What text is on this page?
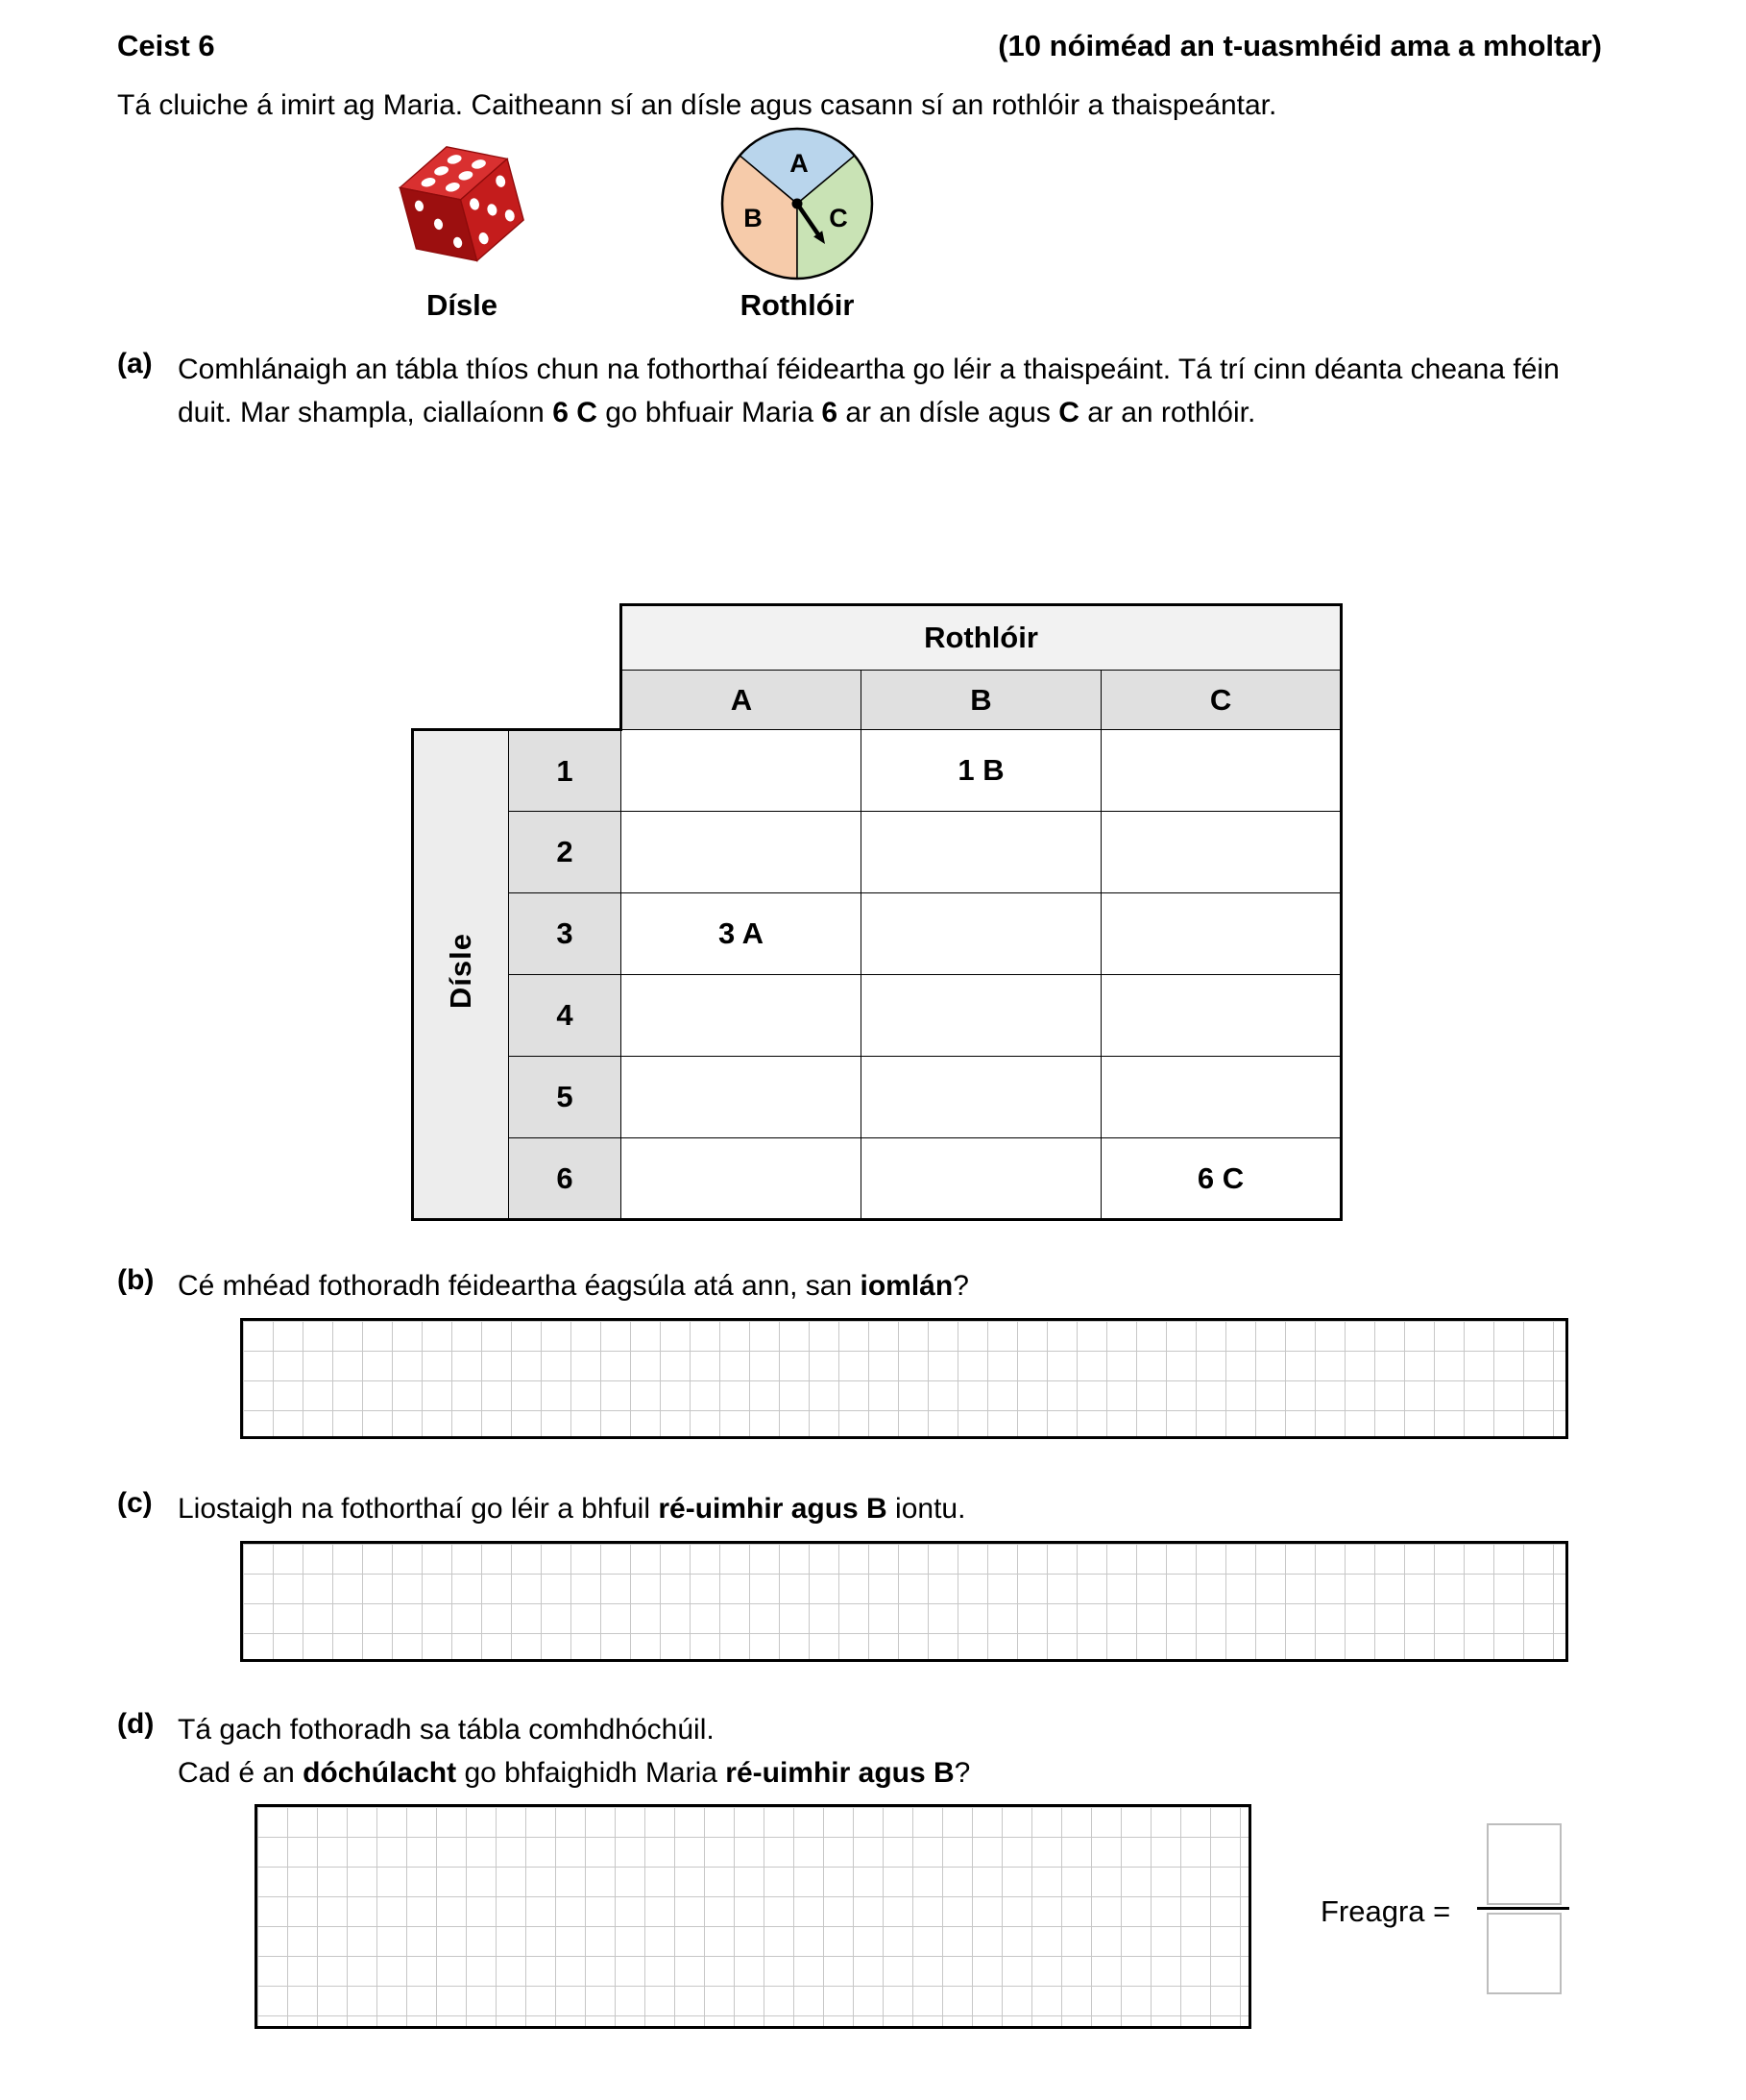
Ceist 6	(10 nóiméad an t-uasmhéid ama a mholtar)
Tá cluiche á imirt ag Maria. Caitheann sí an dísle agus casann sí an rothlóir a thaispeántar.
A
B	C
Dísle	Rothlóir
(a) Comhlánaigh an tábla thíos chun na fothorthaí féideartha go léir a thaispeáint. Tá trí cinn déanta cheana féin duit. Mar shampla, ciallaíonn 6 C go bhfuair Maria 6 ar an dísle agus C ar an rothlóir.
		Rothlóir		
		A	B	C
Dísle	1		1 B	
	2			
	3	3 A		
	4			
	5			
	6			6 C
(b) Cé mhéad fothoradh féideartha éagsúla atá ann, san iomlán?
(c) Liostaigh na fothorthaí go léir a bhfuil ré-uimhir agus B iontu.
(d) Tá gach fothoradh sa tábla comhdhóchúil.
Cad é an dóchúlacht go bhfaighidh Maria ré-uimhir agus B?
Freagra =
